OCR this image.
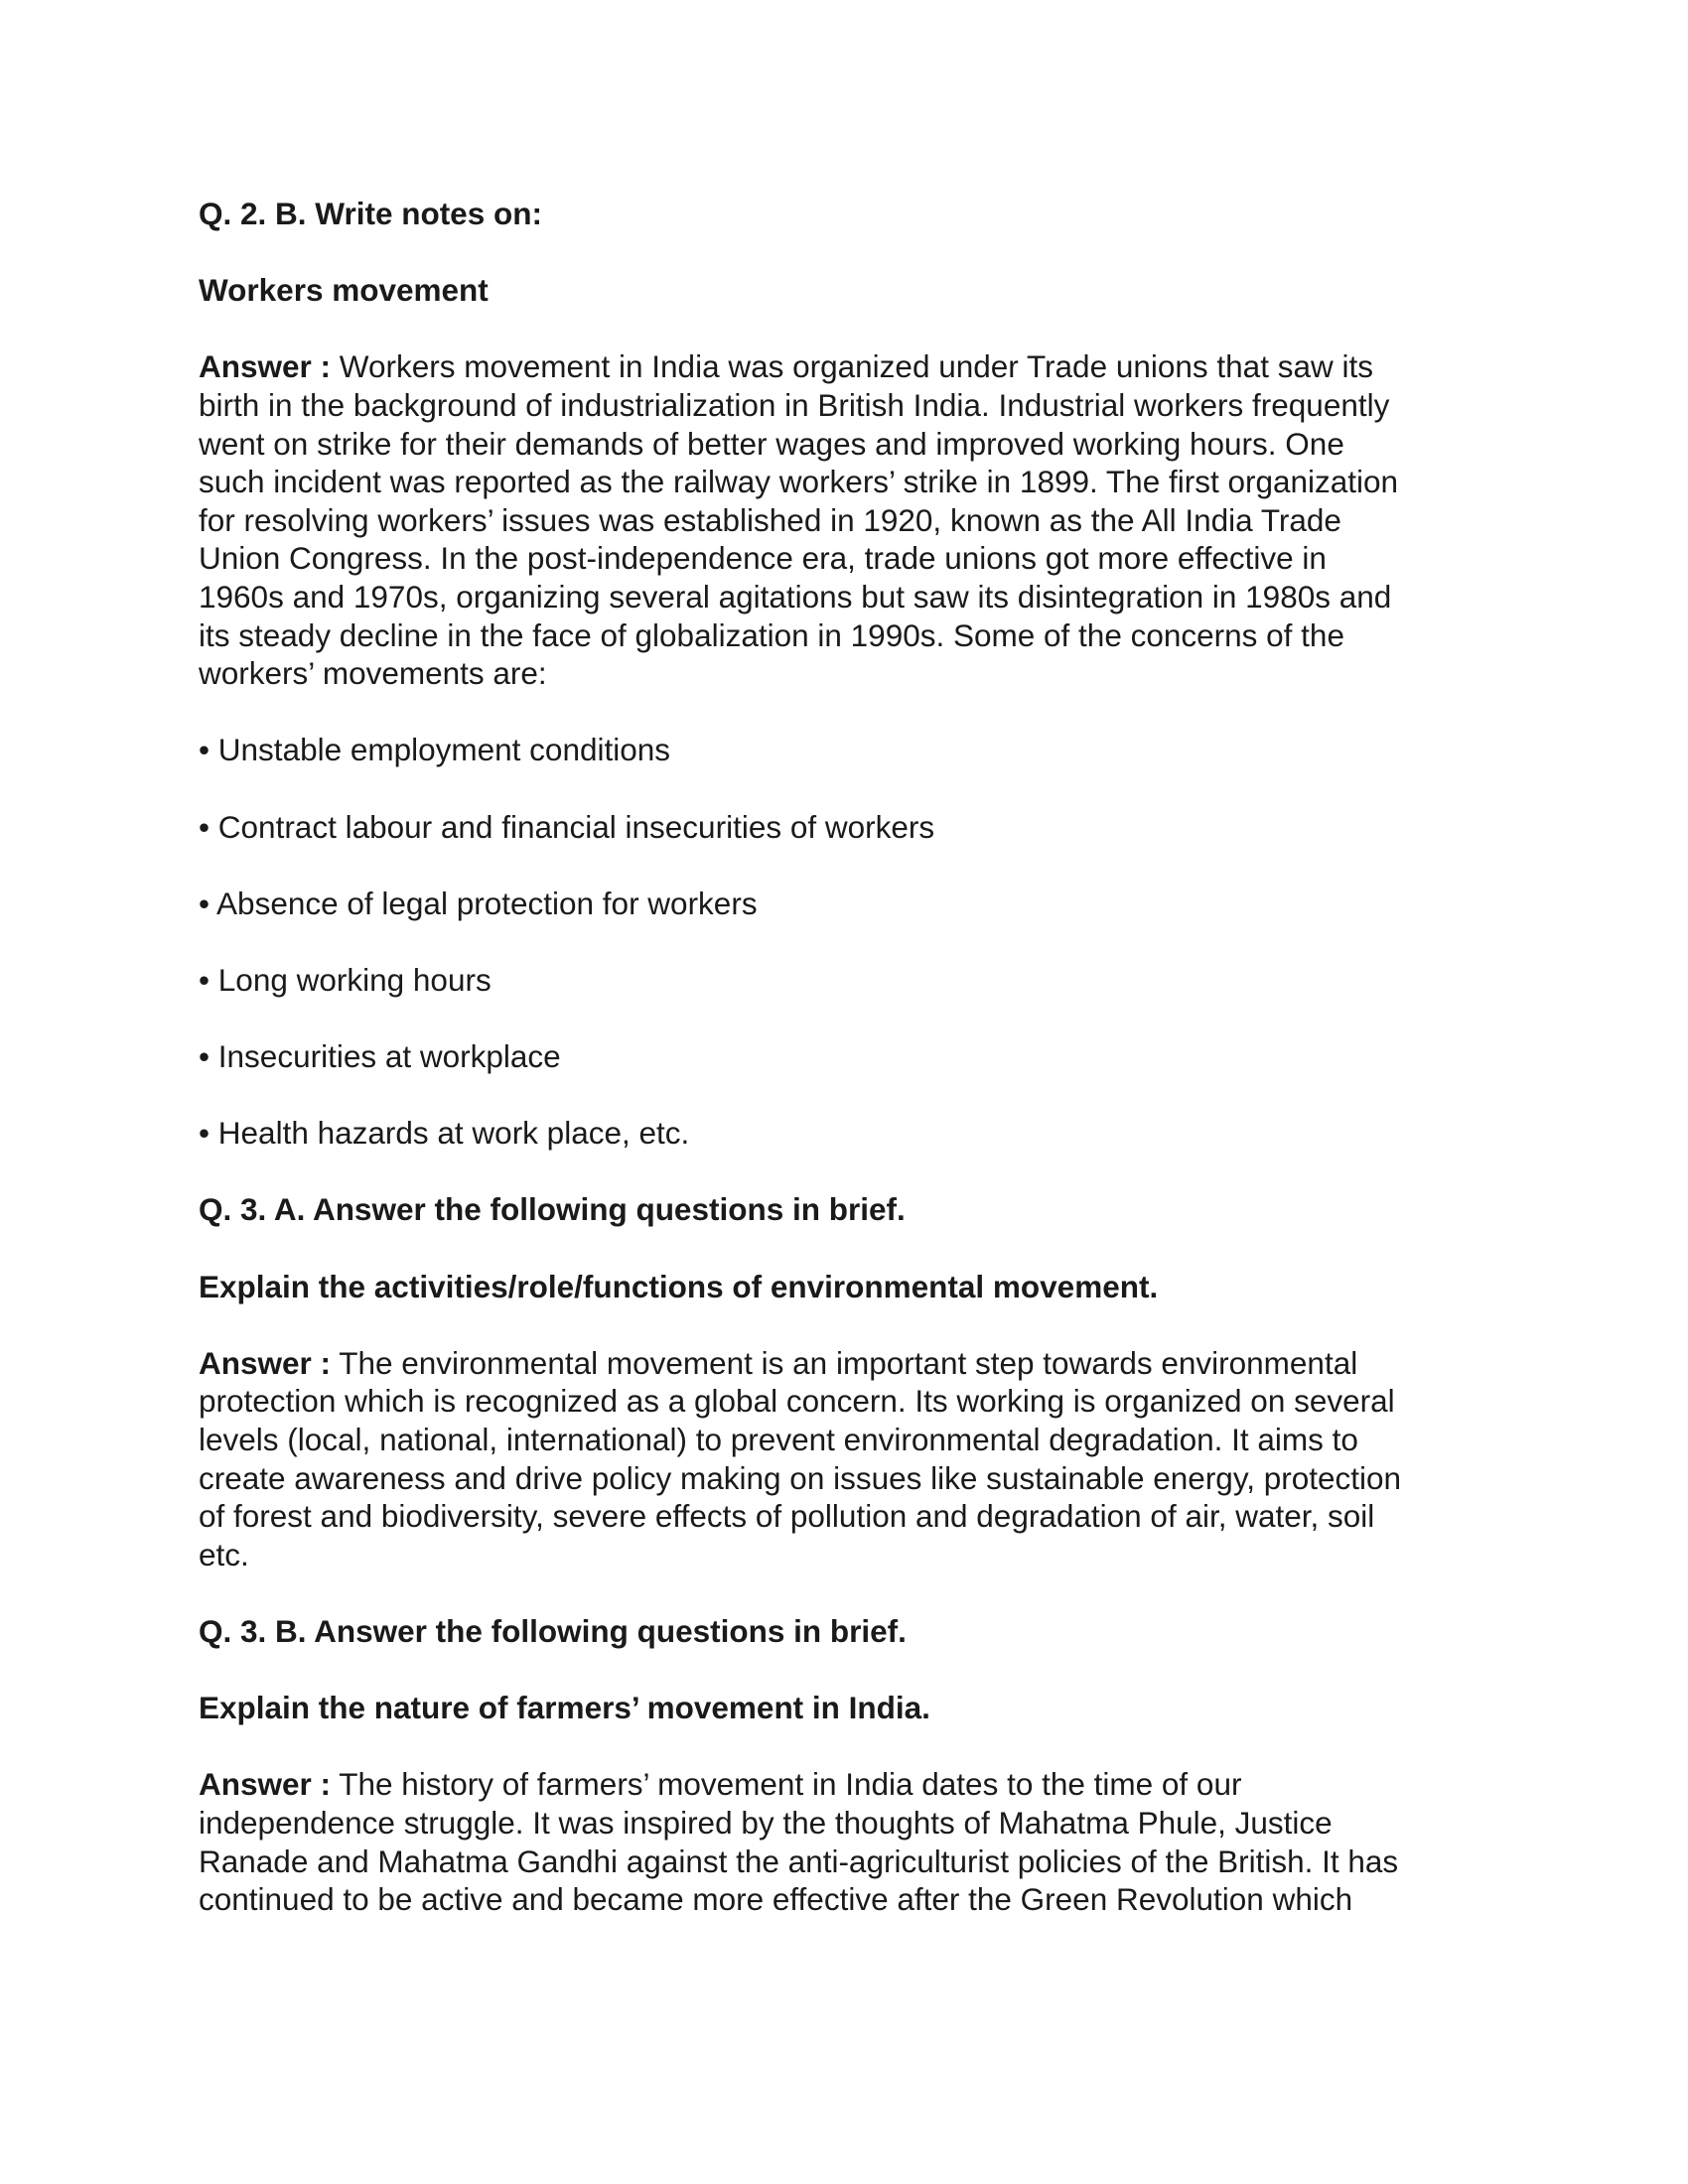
Q. 2. B. Write notes on:

Workers movement

Answer : Workers movement in India was organized under Trade unions that saw its

birth in the background of industrialization in British India. Industrial workers frequently

went on strike for their demands of better wages and improved working hours. One

such incident was reported as the railway workers’ strike in 1899. The first organization

for resolving workers’ issues was established in 1920, known as the All India Trade

Union Congress. In the post-independence era, trade unions got more effective in

1960s and 1970s, organizing several agitations but saw its disintegration in 1980s and

its steady decline in the face of globalization in 1990s. Some of the concerns of the

workers’ movements are:

• Unstable employment conditions
• Contract labour and financial insecurities of workers
• Absence of legal protection for workers
• Long working hours
• Insecurities at workplace
• Health hazards at work place, etc.

Q. 3. A. Answer the following questions in brief.

Explain the activities/role/functions of environmental movement.

Answer : The environmental movement is an important step towards environmental

protection which is recognized as a global concern. Its working is organized on several

levels (local, national, international) to prevent environmental degradation. It aims to

create awareness and drive policy making on issues like sustainable energy, protection

of forest and biodiversity, severe effects of pollution and degradation of air, water, soil

etc.

Q. 3. B. Answer the following questions in brief.

Explain the nature of farmers’ movement in India.

Answer : The history of farmers’ movement in India dates to the time of our

independence struggle. It was inspired by the thoughts of Mahatma Phule, Justice

Ranade and Mahatma Gandhi against the anti-agriculturist policies of the British. It has

continued to be active and became more effective after the Green Revolution which
